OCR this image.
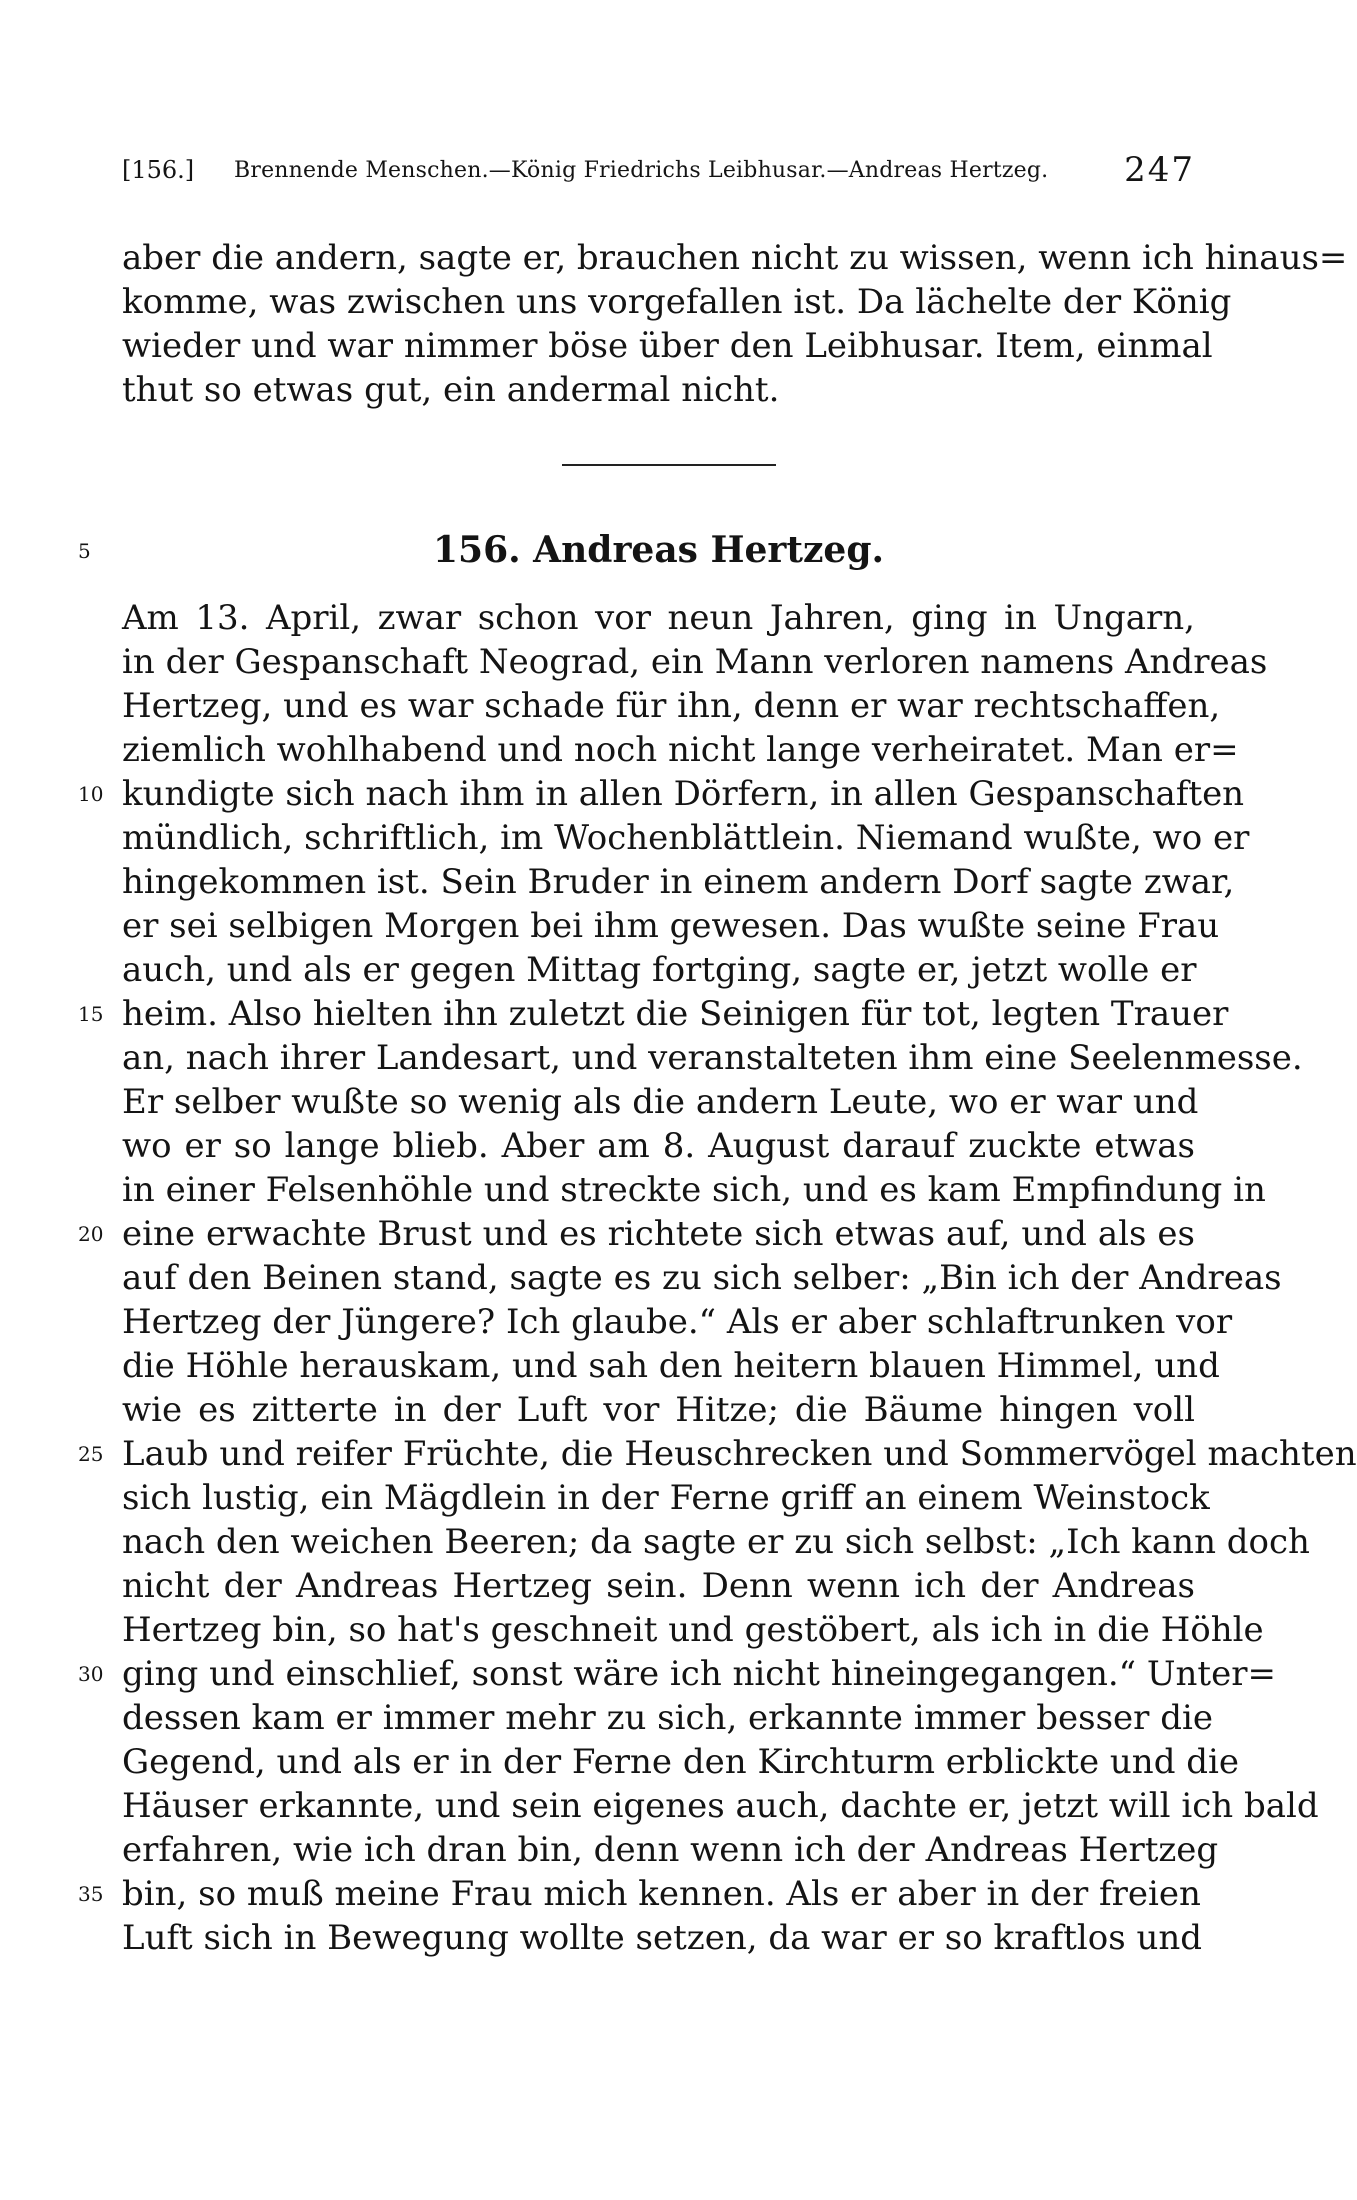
[156.] Brennende Menschen.—König Friedrichs Leibhusar.—Andreas Hertzeg. 247
aber die andern, sagte er, brauchen nicht zu wissen, wenn ich hinaus=
komme, was zwischen uns vorgefallen ist. Da lächelte der König
wieder und war nimmer böse über den Leibhusar. Item, einmal
thut so etwas gut, ein andermal nicht.
5	156. Andreas Hertzeg.
Am 13. April, zwar schon vor neun Jahren, ging in Ungarn,
in der Gespanschaft Neograd, ein Mann verloren namens Andreas
Hertzeg, und es war schade für ihn, denn er war rechtschaffen,
ziemlich wohlhabend und noch nicht lange verheiratet. Man er=
10 kundigte sich nach ihm in allen Dörfern, in allen Gespanschaften
mündlich, schriftlich, im Wochenblättlein. Niemand wußte, wo er
hingekommen ist. Sein Bruder in einem andern Dorf sagte zwar,
er sei selbigen Morgen bei ihm gewesen. Das wußte seine Frau
auch, und als er gegen Mittag fortging, sagte er, jetzt wolle er
15 heim. Also hielten ihn zuletzt die Seinigen für tot, legten Trauer
an, nach ihrer Landesart, und veranstalteten ihm eine Seelenmesse.
Er selber wußte so wenig als die andern Leute, wo er war und
wo er so lange blieb. Aber am 8. August darauf zuckte etwas
in einer Felsenhöhle und streckte sich, und es kam Empfindung in
20 eine erwachte Brust und es richtete sich etwas auf, und als es
auf den Beinen stand, sagte es zu sich selber: „Bin ich der Andreas
Hertzeg der Jüngere? Ich glaube.“ Als er aber schlaftrunken vor
die Höhle herauskam, und sah den heitern blauen Himmel, und
wie es zitterte in der Luft vor Hitze; die Bäume hingen voll
25 Laub und reifer Früchte, die Heuschrecken und Sommervögel machten
sich lustig, ein Mägdlein in der Ferne griff an einem Weinstock
nach den weichen Beeren; da sagte er zu sich selbst: „Ich kann doch
nicht der Andreas Hertzeg sein. Denn wenn ich der Andreas
Hertzeg bin, so hat's geschneit und gestöbert, als ich in die Höhle
30 ging und einschlief, sonst wäre ich nicht hineingegangen.“ Unter=
dessen kam er immer mehr zu sich, erkannte immer besser die
Gegend, und als er in der Ferne den Kirchturm erblickte und die
Häuser erkannte, und sein eigenes auch, dachte er, jetzt will ich bald
erfahren, wie ich dran bin, denn wenn ich der Andreas Hertzeg
35 bin, so muß meine Frau mich kennen. Als er aber in der freien
Luft sich in Bewegung wollte setzen, da war er so kraftlos und
